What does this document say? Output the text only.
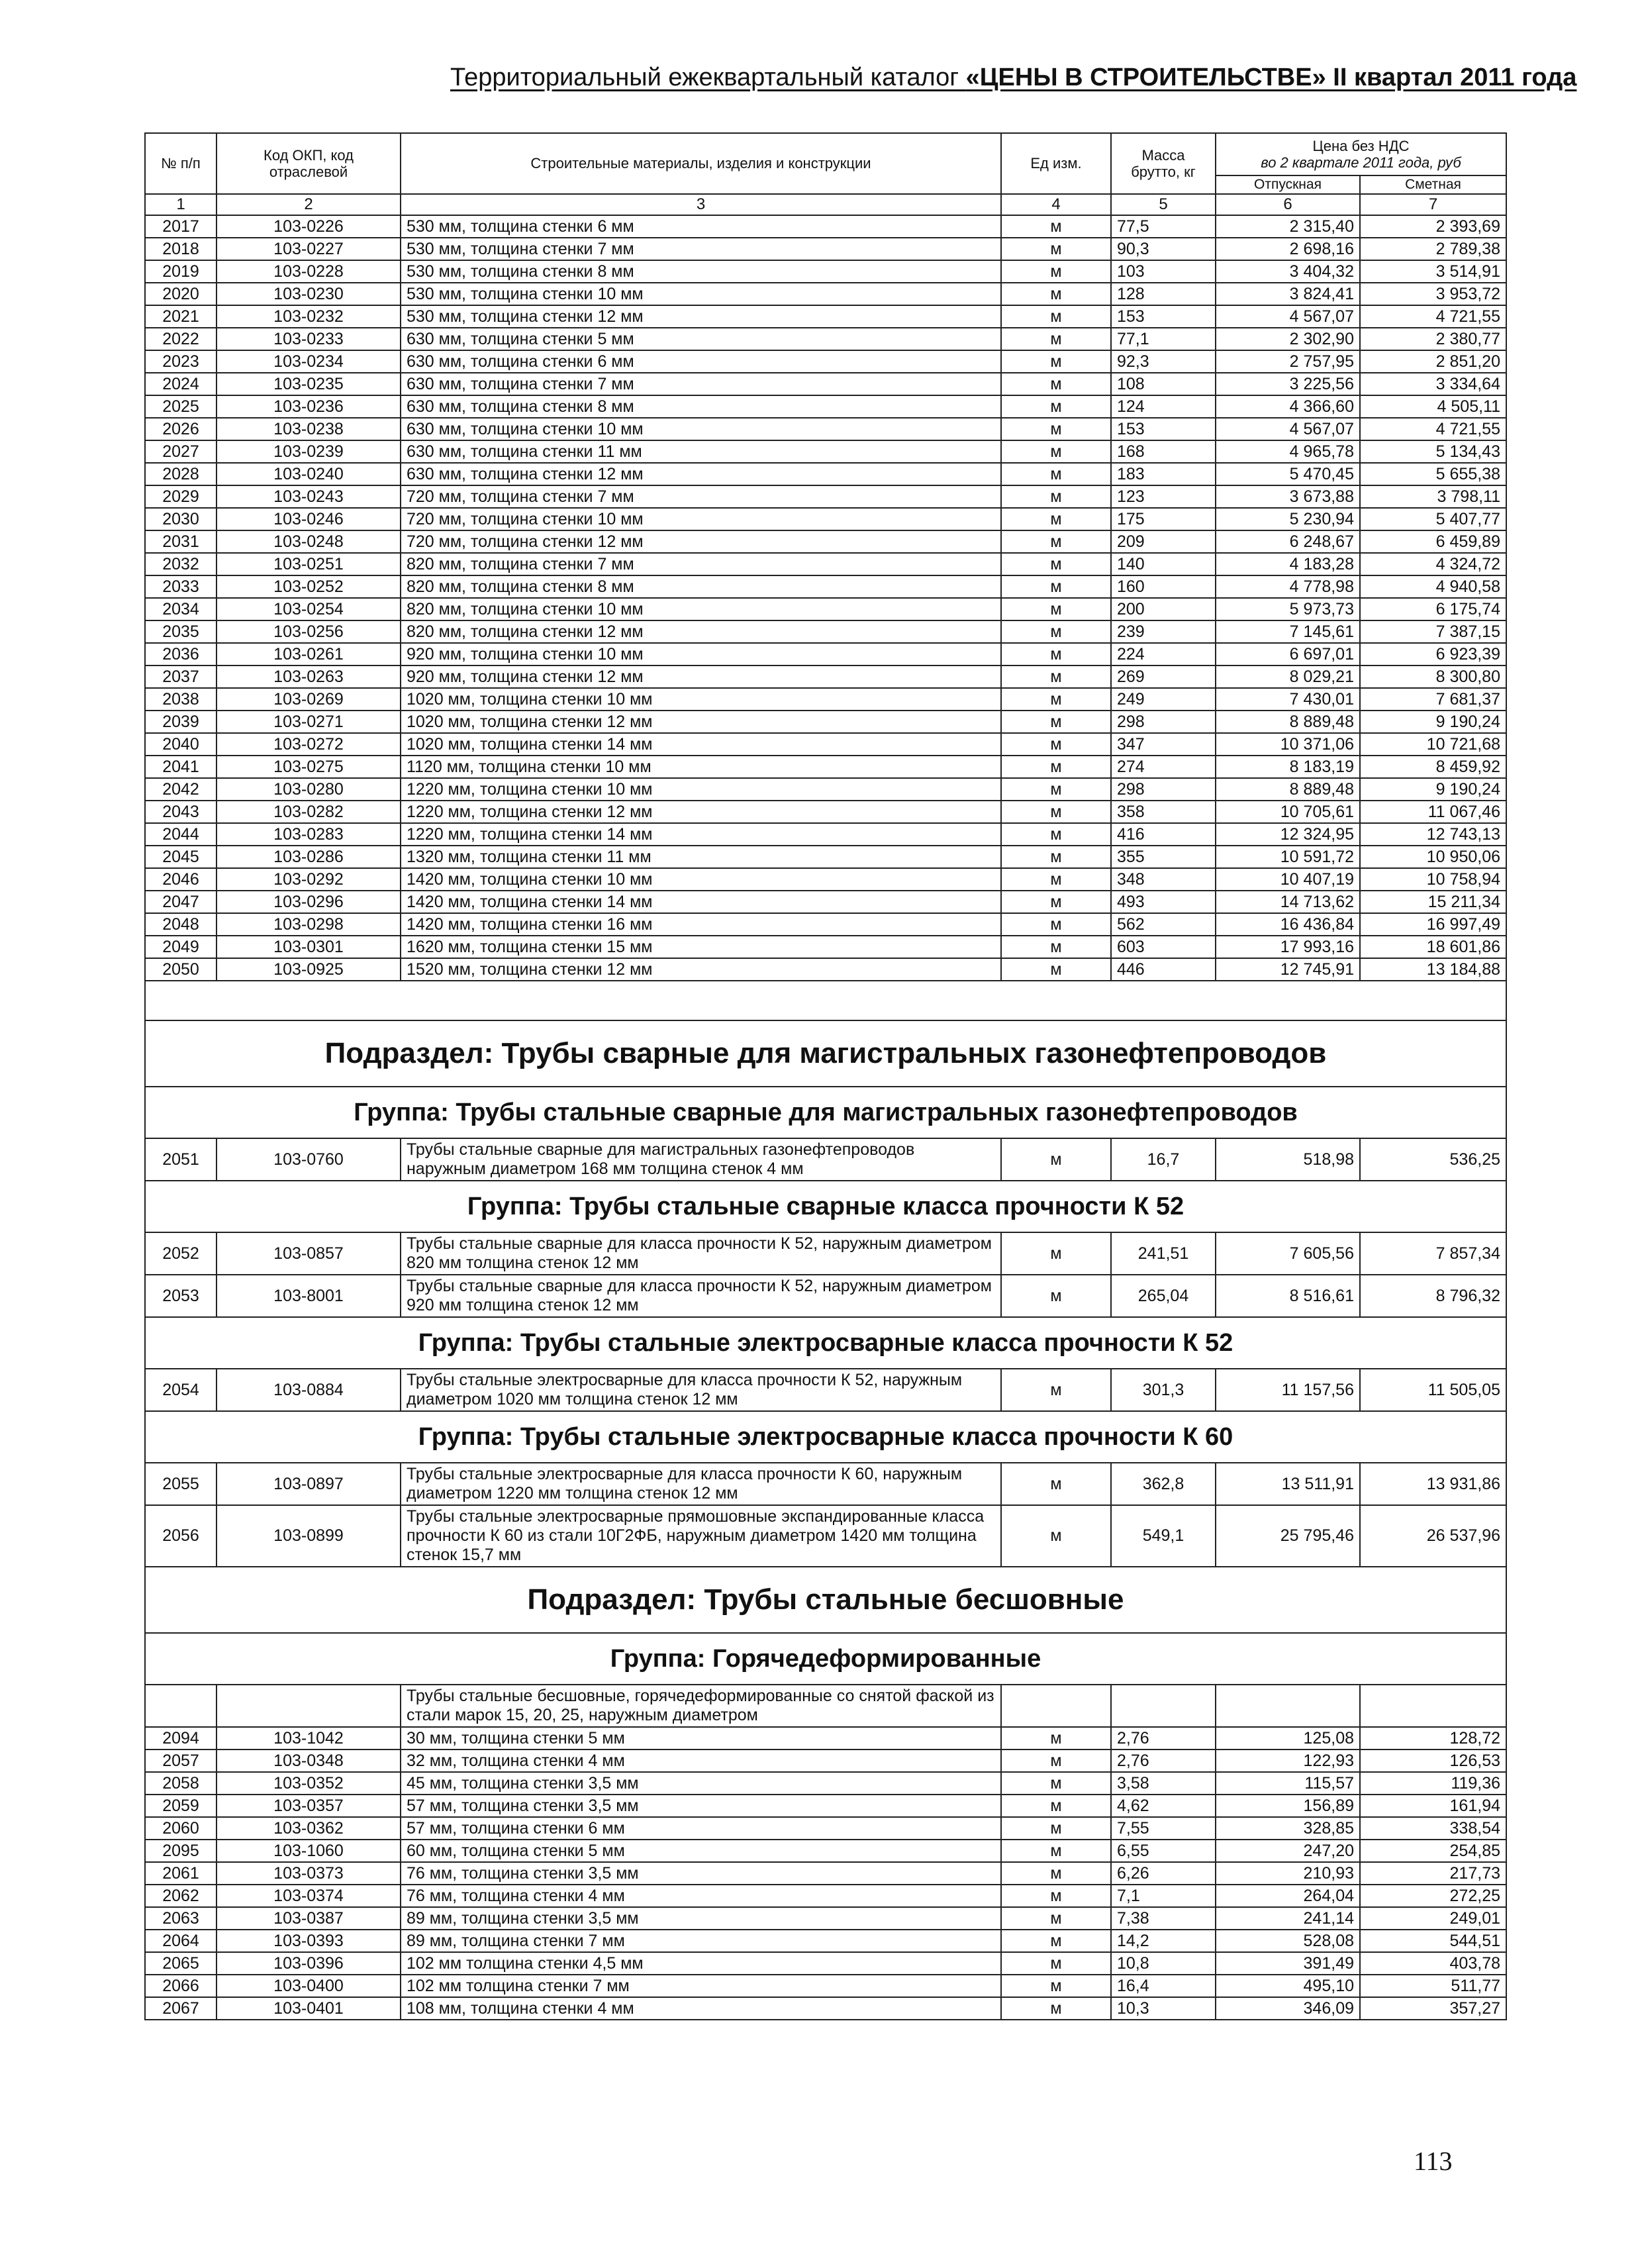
Территориальный ежеквартальный каталог «ЦЕНЫ В СТРОИТЕЛЬСТВЕ» II квартал 2011 года
№ п/п	Код ОКП, код отраслевой	Строительные материалы, изделия и конструкции	Ед изм.	Масса брутто, кг	Цена без НДС
во 2 квартале 2011 года, руб	

					Отпускная	Сметная
1	2	3	4	5	6	7
2017	103-0226	530 мм, толщина стенки 6 мм	м	77,5	2 315,40	2 393,69
2018	103-0227	530 мм, толщина стенки 7 мм	м	90,3	2 698,16	2 789,38
2019	103-0228	530 мм, толщина стенки 8 мм	м	103	3 404,32	3 514,91
2020	103-0230	530 мм, толщина стенки 10 мм	м	128	3 824,41	3 953,72
2021	103-0232	530 мм, толщина стенки 12 мм	м	153	4 567,07	4 721,55
2022	103-0233	630 мм, толщина стенки 5 мм	м	77,1	2 302,90	2 380,77
2023	103-0234	630 мм, толщина стенки 6 мм	м	92,3	2 757,95	2 851,20
2024	103-0235	630 мм, толщина стенки 7 мм	м	108	3 225,56	3 334,64
2025	103-0236	630 мм, толщина стенки 8 мм	м	124	4 366,60	4 505,11
2026	103-0238	630 мм, толщина стенки 10 мм	м	153	4 567,07	4 721,55
2027	103-0239	630 мм, толщина стенки 11 мм	м	168	4 965,78	5 134,43
2028	103-0240	630 мм, толщина стенки 12 мм	м	183	5 470,45	5 655,38
2029	103-0243	720 мм, толщина стенки 7 мм	м	123	3 673,88	3 798,11
2030	103-0246	720 мм, толщина стенки 10 мм	м	175	5 230,94	5 407,77
2031	103-0248	720 мм, толщина стенки 12 мм	м	209	6 248,67	6 459,89
2032	103-0251	820 мм, толщина стенки 7 мм	м	140	4 183,28	4 324,72
2033	103-0252	820 мм, толщина стенки 8 мм	м	160	4 778,98	4 940,58
2034	103-0254	820 мм, толщина стенки 10 мм	м	200	5 973,73	6 175,74
2035	103-0256	820 мм, толщина стенки 12 мм	м	239	7 145,61	7 387,15
2036	103-0261	920 мм, толщина стенки 10 мм	м	224	6 697,01	6 923,39
2037	103-0263	920 мм, толщина стенки 12 мм	м	269	8 029,21	8 300,80
2038	103-0269	1020 мм, толщина стенки 10 мм	м	249	7 430,01	7 681,37
2039	103-0271	1020 мм, толщина стенки 12 мм	м	298	8 889,48	9 190,24
2040	103-0272	1020 мм, толщина стенки 14 мм	м	347	10 371,06	10 721,68
2041	103-0275	1120 мм, толщина стенки 10 мм	м	274	8 183,19	8 459,92
2042	103-0280	1220 мм, толщина стенки 10 мм	м	298	8 889,48	9 190,24
2043	103-0282	1220 мм, толщина стенки 12 мм	м	358	10 705,61	11 067,46
2044	103-0283	1220 мм, толщина стенки 14 мм	м	416	12 324,95	12 743,13
2045	103-0286	1320 мм, толщина стенки 11 мм	м	355	10 591,72	10 950,06
2046	103-0292	1420 мм, толщина стенки 10 мм	м	348	10 407,19	10 758,94
2047	103-0296	1420 мм, толщина стенки 14 мм	м	493	14 713,62	15 211,34
2048	103-0298	1420 мм, толщина стенки 16 мм	м	562	16 436,84	16 997,49
2049	103-0301	1620 мм, толщина стенки 15 мм	м	603	17 993,16	18 601,86
2050	103-0925	1520 мм, толщина стенки 12 мм	м	446	12 745,91	13 184,88

Подраздел: Трубы сварные для магистральных газонефтепроводов						
Группа: Трубы стальные сварные для магистральных газонефтепроводов						
2051	103-0760	Трубы стальные сварные для магистральных газонефтепроводов наружным диаметром 168 мм толщина стенок 4 мм	м	16,7	518,98	536,25
Группа: Трубы стальные сварные класса прочности К 52						
2052	103-0857	Трубы стальные сварные для класса прочности К 52, наружным диаметром 820 мм толщина стенок 12 мм	м	241,51	7 605,56	7 857,34
2053	103-8001	Трубы стальные сварные для класса прочности К 52, наружным диаметром 920 мм толщина стенок 12 мм	м	265,04	8 516,61	8 796,32
Группа: Трубы стальные электросварные класса прочности К 52						
2054	103-0884	Трубы стальные электросварные для класса прочности К 52, наружным диаметром 1020 мм толщина стенок 12 мм	м	301,3	11 157,56	11 505,05
Группа: Трубы стальные электросварные класса прочности К 60						
2055	103-0897	Трубы стальные электросварные для класса прочности К 60, наружным диаметром 1220 мм толщина стенок 12 мм	м	362,8	13 511,91	13 931,86
2056	103-0899	Трубы стальные электросварные прямошовные экспандированные класса прочности К 60 из стали 10Г2ФБ, наружным диаметром 1420 мм толщина стенок 15,7 мм	м	549,1	25 795,46	26 537,96
Подраздел: Трубы стальные бесшовные						
Группа: Горячедеформированные						
		Трубы стальные бесшовные, горячедеформированные со снятой фаской из стали марок 15, 20, 25, наружным диаметром				
2094	103-1042	30 мм, толщина стенки 5 мм	м	2,76	125,08	128,72
2057	103-0348	32 мм, толщина стенки 4 мм	м	2,76	122,93	126,53
2058	103-0352	45 мм, толщина стенки 3,5 мм	м	3,58	115,57	119,36
2059	103-0357	57 мм, толщина стенки 3,5 мм	м	4,62	156,89	161,94
2060	103-0362	57 мм, толщина стенки 6 мм	м	7,55	328,85	338,54
2095	103-1060	60 мм, толщина стенки 5 мм	м	6,55	247,20	254,85
2061	103-0373	76 мм, толщина стенки 3,5 мм	м	6,26	210,93	217,73
2062	103-0374	76 мм, толщина стенки 4 мм	м	7,1	264,04	272,25
2063	103-0387	89 мм, толщина стенки 3,5 мм	м	7,38	241,14	249,01
2064	103-0393	89 мм, толщина стенки 7 мм	м	14,2	528,08	544,51
2065	103-0396	102 мм толщина стенки 4,5 мм	м	10,8	391,49	403,78
2066	103-0400	102 мм толщина стенки 7 мм	м	16,4	495,10	511,77
2067	103-0401	108 мм, толщина стенки 4 мм	м	10,3	346,09	357,27
113
